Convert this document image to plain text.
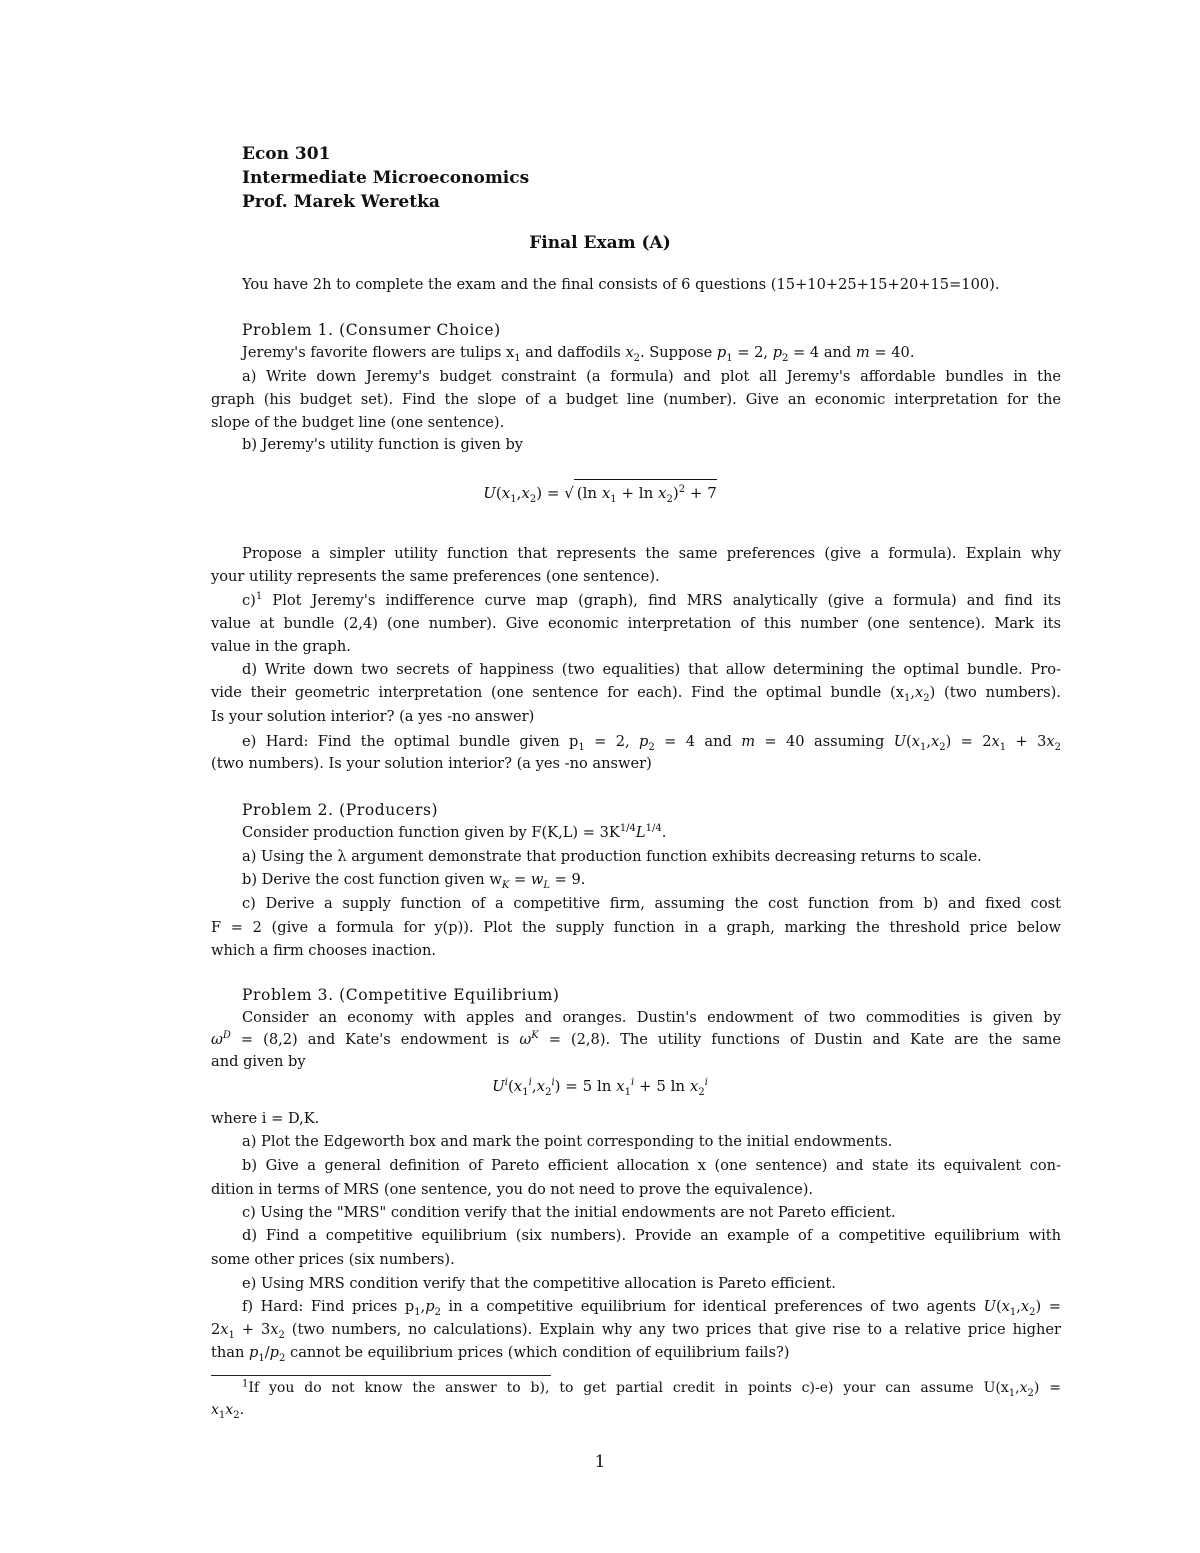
Econ 301
Intermediate Microeconomics
Prof. Marek Weretka
Final Exam (A)
You have 2h to complete the exam and the final consists of 6 questions (15+10+25+15+20+15=100).
Problem 1. (Consumer Choice)
Jeremy's favorite flowers are tulips $x_1$ and daffodils $x_2$. Suppose $p_1 = 2$, $p_2 = 4$ and m = 40.
a) Write down Jeremy's budget constraint (a formula) and plot all Jeremy's affordable bundles in the
graph (his budget set). Find the slope of a budget line (number). Give an economic interpretation for the
slope of the budget line (one sentence).
b) Jeremy's utility function is given by
$U(x_1,x_2)$ = √ (ln $x_1 + \ln x_2)^2 + 7$
Propose a simpler utility function that represents the same preferences (give a formula). Explain why
your utility represents the same preferences (one sentence).
c)$^1$ Plot Jeremy's indifference curve map (graph), find MRS analytically (give a formula) and find its
value at bundle (2,4) (one number). Give economic interpretation of this number (one sentence). Mark its
value in the graph.
d) Write down two secrets of happiness (two equalities) that allow determining the optimal bundle. Pro-
vide their geometric interpretation (one sentence for each). Find the optimal bundle $(x_1,x_2)$ (two numbers).
Is your solution interior? (a yes -no answer)
e) Hard: Find the optimal bundle given $p_1 = 2$, $p_2 = 4$ and m = 40 assuming $U(x_1,x_2) = 2x_1 + 3x_2$
(two numbers). Is your solution interior? (a yes -no answer)
Problem 2. (Producers)
Consider production function given by $F(K,L) = 3K^{1/4}L^{1/4}$.
a) Using the λ argument demonstrate that production function exhibits decreasing returns to scale.
b) Derive the cost function given $w_K = w_L = 9$.
c) Derive a supply function of a competitive firm, assuming the cost function from b) and fixed cost
F = 2 (give a formula for y(p)). Plot the supply function in a graph, marking the threshold price below
which a firm chooses inaction.
Problem 3. (Competitive Equilibrium)
Consider an economy with apples and oranges. Dustin's endowment of two commodities is given by
$\omega^D = (8,2)$ and Kate's endowment is $\omega^K = (2,8)$. The utility functions of Dustin and Kate are the same
and given by
$U^i(x_1^i,x_2^i) = 5$ $\ln x_1^i + 5$ $\ln x_2^i$
where i = D,K.
a) Plot the Edgeworth box and mark the point corresponding to the initial endowments.
b) Give a general definition of Pareto efficient allocation x (one sentence) and state its equivalent con-
dition in terms of MRS (one sentence, you do not need to prove the equivalence).
c) Using the "MRS" condition verify that the initial endowments are not Pareto efficient.
d) Find a competitive equilibrium (six numbers). Provide an example of a competitive equilibrium with
some other prices (six numbers).
e) Using MRS condition verify that the competitive allocation is Pareto efficient.
f) Hard: Find prices $p_1,p_2$ in a competitive equilibrium for identical preferences of two agents $U(x_1,x_2)$ =
$2x_1 + 3x_2$ (two numbers, no calculations). Explain why any two prices that give rise to a relative price higher
than $p_1/p_2$ cannot be equilibrium prices (which condition of equilibrium fails?)
$^1$If you do not know the answer to b), to get partial credit in points c)-e) your can assume $U(x_1,x_2)$ =
$x_1x_2$.
1
